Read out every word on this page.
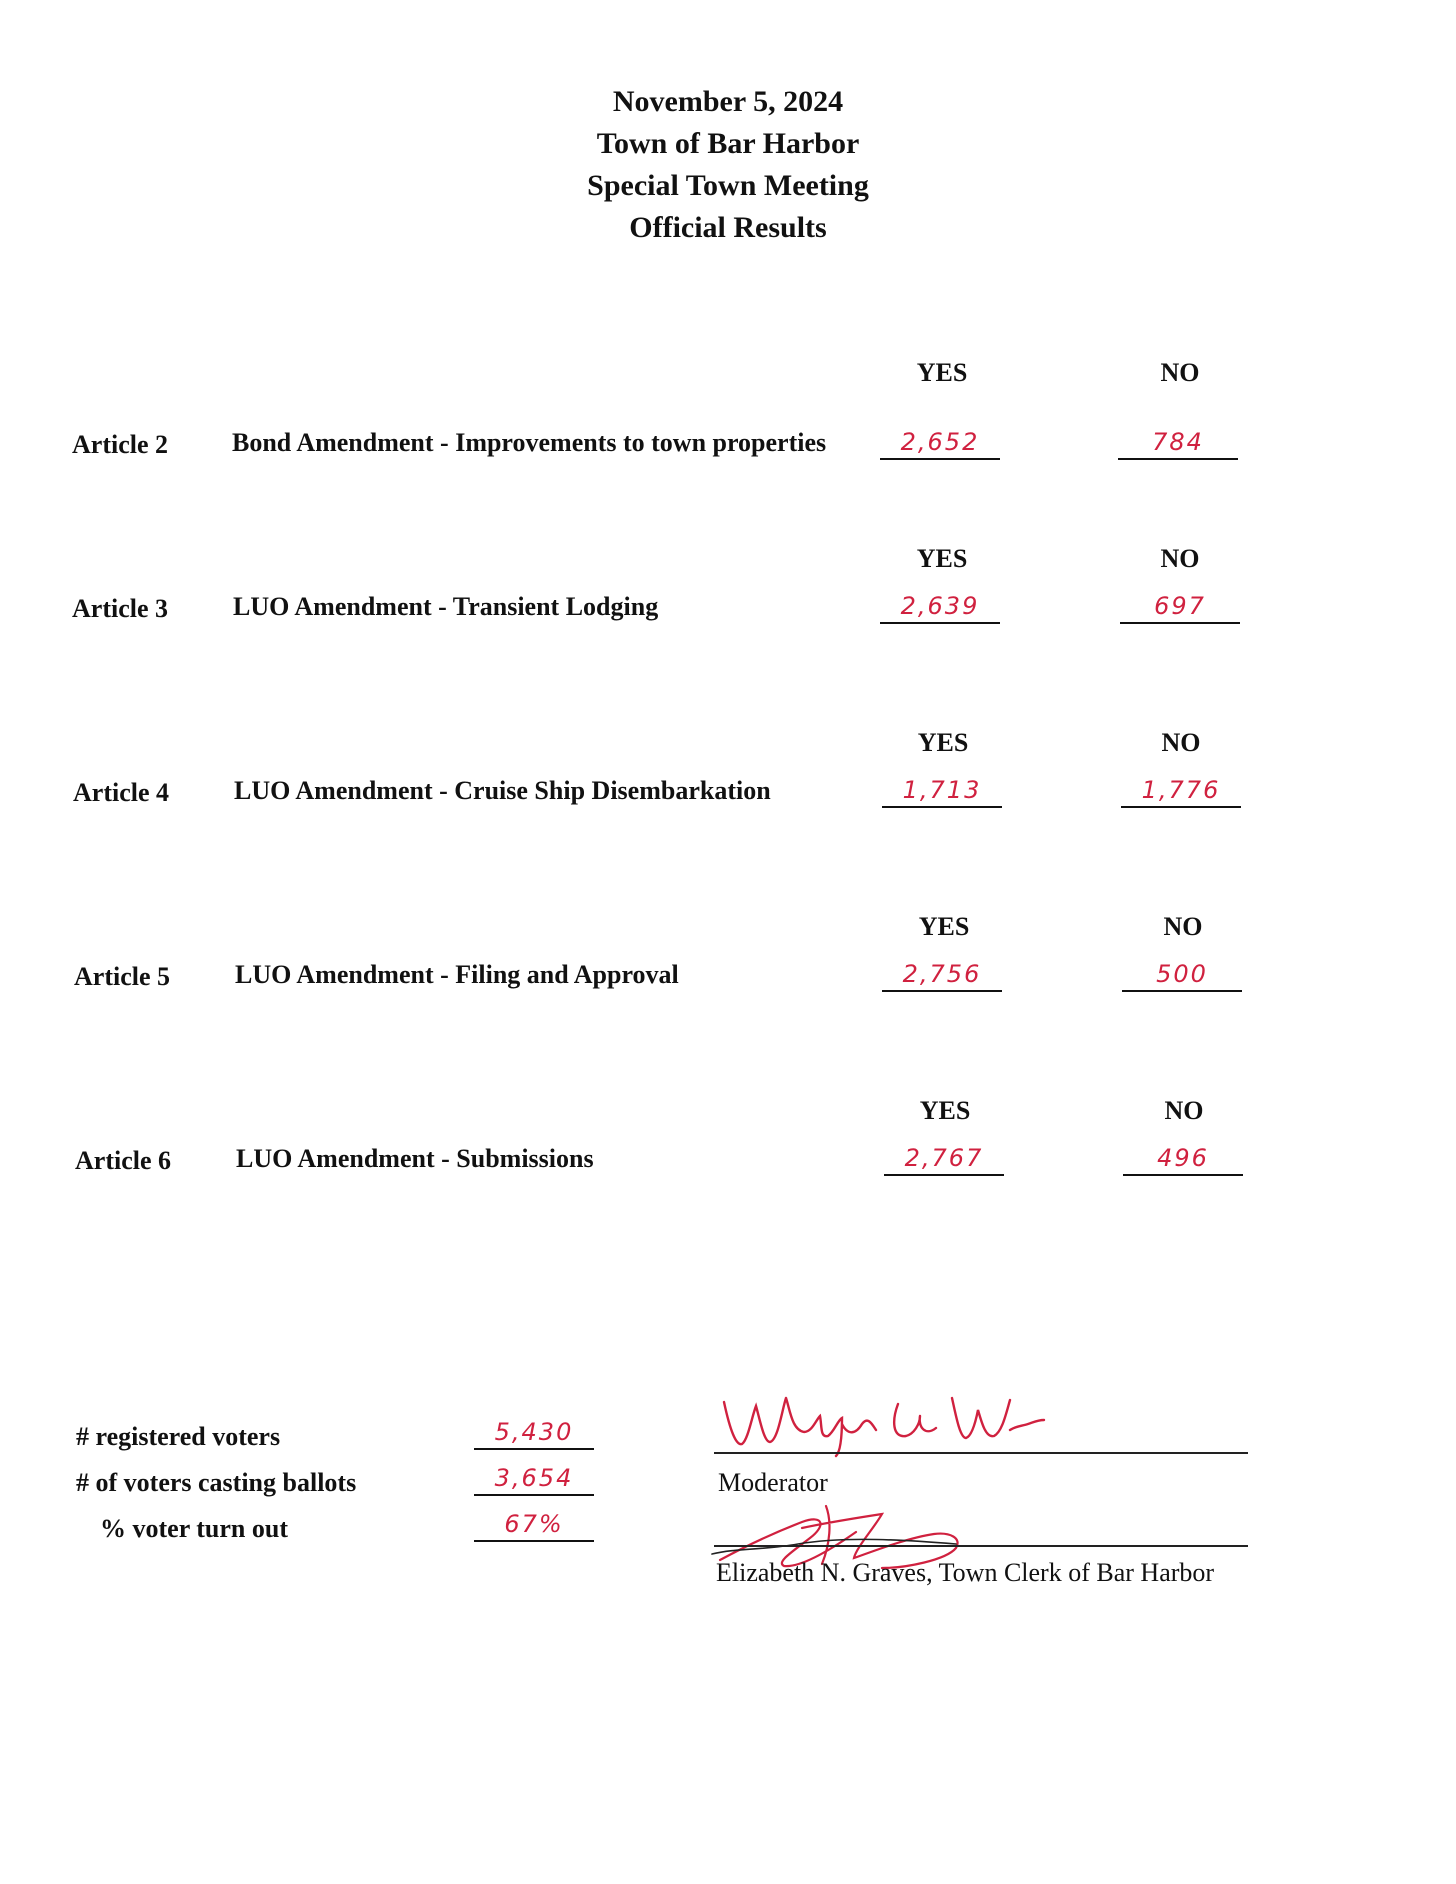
November 5, 2024
Town of Bar Harbor
Special Town Meeting
Official Results
YES	NO
Article 2 Bond Amendment - Improvements to town properties	2,652	784
YES	NO
Article 3 LUO Amendment - Transient Lodging	2,639	697
YES	NO
Article 4 LUO Amendment - Cruise Ship Disembarkation	1,713	1,776
YES	NO
Article 5 LUO Amendment - Filing and Approval	2,756	500
YES	NO
Article 6 LUO Amendment - Submissions	2,767	496
# registered voters	5,430
# of voters casting ballots	3,654
% voter turn out	67%
Moderator
Elizabeth N. Graves, Town Clerk of Bar Harbor
